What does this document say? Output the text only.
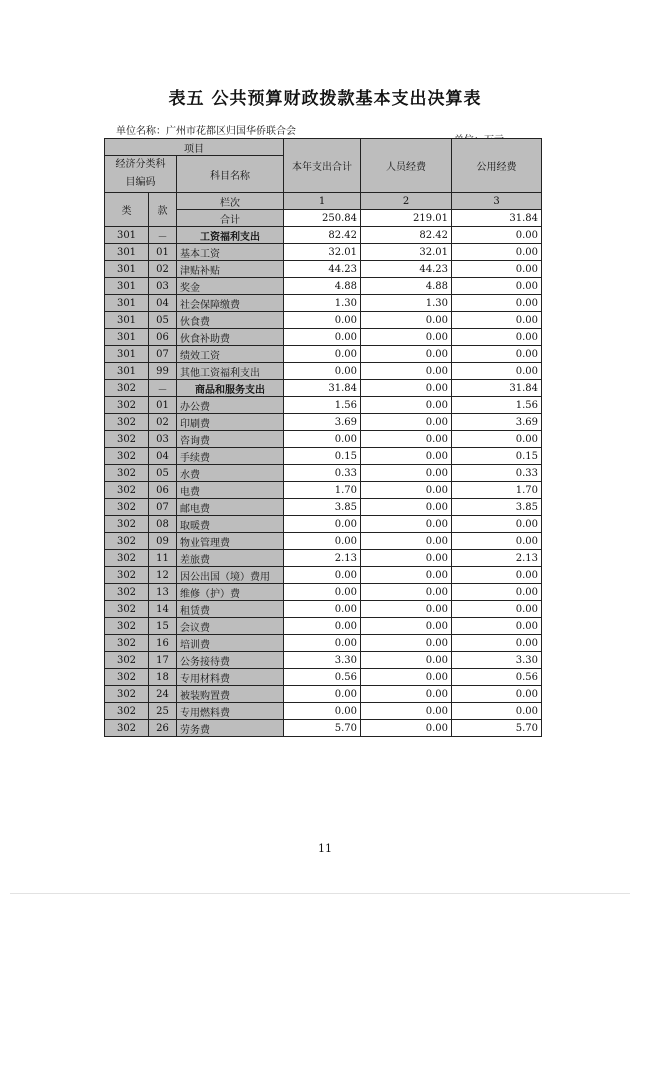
表五 公共预算财政拨款基本支出决算表
单位名称：广州市花都区归国华侨联合会
项目			本年支出合计	人员经费	公用经费
经济分类科目编码		科目名称			
类	款	栏次	1	2	3
		合计	250.84	219.01	31.84
301	－	工资福利支出	82.42	82.42	0.00
301	01	基本工资	32.01	32.01	0.00
301	02	津贴补贴	44.23	44.23	0.00
301	03	奖金	4.88	4.88	0.00
301	04	社会保障缴费	1.30	1.30	0.00
301	05	伙食费	0.00	0.00	0.00
301	06	伙食补助费	0.00	0.00	0.00
301	07	绩效工资	0.00	0.00	0.00
301	99	其他工资福利支出	0.00	0.00	0.00
302	－	商品和服务支出	31.84	0.00	31.84
302	01	办公费	1.56	0.00	1.56
302	02	印刷费	3.69	0.00	3.69
302	03	咨询费	0.00	0.00	0.00
302	04	手续费	0.15	0.00	0.15
302	05	水费	0.33	0.00	0.33
302	06	电费	1.70	0.00	1.70
302	07	邮电费	3.85	0.00	3.85
302	08	取暖费	0.00	0.00	0.00
302	09	物业管理费	0.00	0.00	0.00
302	11	差旅费	2.13	0.00	2.13
302	12	因公出国（境）费用	0.00	0.00	0.00
302	13	维修（护）费	0.00	0.00	0.00
302	14	租赁费	0.00	0.00	0.00
302	15	会议费	0.00	0.00	0.00
302	16	培训费	0.00	0.00	0.00
302	17	公务接待费	3.30	0.00	3.30
302	18	专用材料费	0.56	0.00	0.56
302	24	被装购置费	0.00	0.00	0.00
302	25	专用燃料费	0.00	0.00	0.00
302	26	劳务费	5.70	0.00	5.70
11
